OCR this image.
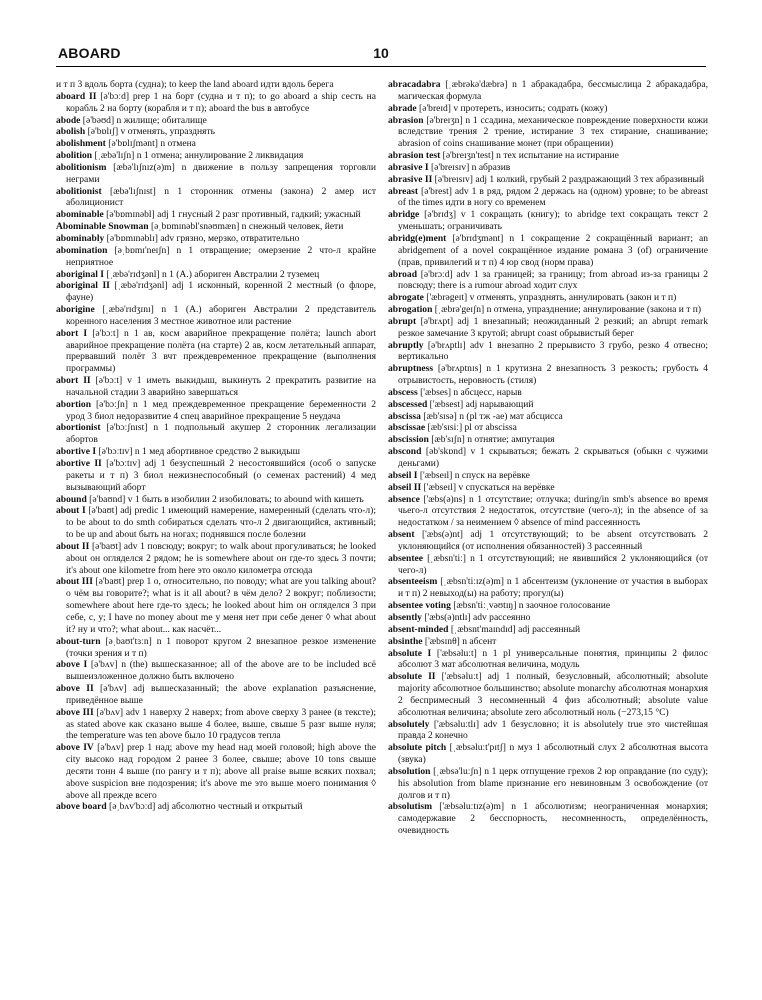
ABOARD	10

и т п 3 вдоль борта (судна); to keep the land aboard идти вдоль берега

aboard II [ə'bɔːd] prep 1 на борт (судна и т п); to go aboard a ship сесть на корабль 2 на борту (корабля и т п); aboard the bus в автобусе

abode [ə'bəʊd] n жилище; обиталище

abolish [ə'bɒlɪʃ] v отменять, упразднять

abolishment [ə'bɒlɪʃmənt] n отмена

abolition [ˌæbə'lɪʃn] n 1 отмена; аннулирование 2 ликвидация

abolitionism [æbə'lɪʃnɪz(ə)m] n движение в пользу запрещения торговли неграми

abolitionist [æbə'lɪʃnɪst] n 1 сторонник отмены (закона) 2 амер ист аболиционист

abominable [ə'bɒmɪnəbl] adj 1 гнусный 2 разг противный, гадкий; ужасный

Abominable Snowman [əˌbɒmɪnəbl'snəʊmæn] n снежный человек, йети

abominably [ə'bɒmɪnəblɪ] adv грязно, мерзко, отвратительно

abomination [əˌbɒmɪ'neɪʃn] n 1 отвращение; омерзение 2 что-л крайне неприятное

aboriginal I [ˌæbə'rɪdʒənl] n 1 (A.) абориген Австралии 2 туземец

aboriginal II [ˌæbə'rɪdʒənl] adj 1 исконный, коренной 2 местный (о флоре, фауне)

aborigine [ˌæbə'rɪdʒɪnɪ] n 1 (A.) абориген Австралии 2 представитель коренного населения 3 местное животное или растение

abort I [ə'bɔːt] n 1 ав, косм аварийное прекращение полёта; launch abort аварийное прекращение полёта (на старте) 2 ав, косм летательный аппарат, прервавший полёт 3 вчт преждевременное прекращение (выполнения программы)

abort II [ə'bɔːt] v 1 иметь выкидыш, выкинуть 2 прекратить развитие на начальной стадии 3 аварийно завершаться

abortion [ə'bɔːʃn] n 1 мед преждевременное прекращение беременности 2 урод 3 биол недоразвитие 4 спец аварийное прекращение 5 неудача

abortionist [ə'bɔːʃnɪst] n 1 подпольный акушер 2 сторонник легализации абортов

abortive I [ə'bɔːtɪv] n 1 мед абортивное средство 2 выкидыш

abortive II [ə'bɔːtɪv] adj 1 безуспешный 2 несостоявшийся (особ о запуске ракеты и т п) 3 биол нежизнеспособный (о семенах растений) 4 мед вызывающий аборт

abound [ə'baʊnd] v 1 быть в изобилии 2 изобиловать; to abound with кишеть

about I [ə'baʊt] adj predic 1 имеющий намерение, намеренный (сделать что-л); to be about to do smth собираться сделать что-л 2 двигающийся, активный; to be up and about быть на ногах; поднявшся после болезни

about II [ə'baʊt] adv 1 повсюду; вокруг; to walk about прогуливаться; he looked about он огляделся 2 рядом; he is somewhere about он где-то здесь 3 почти; it's about one kilometre from here это около километра отсюда

about III [ə'baʊt] prep 1 о, относительно, по поводу; what are you talking about? о чём вы говорите?; what is it all about? в чём дело? 2 вокруг; поблизости; somewhere about here где-то здесь; he looked about him он огляделся 3 при себе, с, у; I have no money about me у меня нет при себе денег ◊ what about it? ну и что?; what about... как насчёт...

about-turn [əˌbaʊt'tɜːn] n 1 поворот кругом 2 внезапное резкое изменение (точки зрения и т п)

above I [ə'bʌv] n (the) вышесказанное; all of the above are to be included всё вышеизложенное должно быть включено

above II [ə'bʌv] adj вышесказанный; the above explanation разъяснение, приведённое выше

above III [ə'bʌv] adv 1 наверху 2 наверх; from above сверху 3 ранее (в тексте); as stated above как сказано выше 4 более, выше, свыше 5 разг выше нуля; the temperature was ten above было 10 градусов тепла

above IV [ə'bʌv] prep 1 над; above my head над моей головой; high above the city высоко над городом 2 ранее 3 более, свыше; above 10 tons свыше десяти тонн 4 выше (по рангу и т п); above all praise выше всяких похвал; above suspicion вне подозрения; it's above me это выше моего понимания ◊ above all прежде всего

above board [əˌbʌv'bɔːd] adj абсолютно честный и открытый

abracadabra [ˌæbrəkə'dæbrə] n 1 абракадабра, бессмыслица 2 абракадабра, магическая формула

abrade [ə'breɪd] v протереть, износить; содрать (кожу)

abrasion [ə'breɪʒn] n 1 ссадина, механическое повреждение поверхности кожи вследствие трения 2 трение, истирание 3 тех стирание, снашивание; abrasion of coins снашивание монет (при обращении)

abrasion test [ə'breɪʒn'test] n тех испытание на истирание

abrasive I [ə'breɪsɪv] n абразив

abrasive II [ə'breɪsɪv] adj 1 колкий, грубый 2 раздражающий 3 тех абразивный

abreast [ə'brest] adv 1 в ряд, рядом 2 держась на (одном) уровне; to be abreast of the times идти в ногу со временем

abridge [ə'brɪdʒ] v 1 сокращать (книгу); to abridge text сокращать текст 2 уменьшать; ограничивать

abridg(e)ment [ə'brɪdʒmənt] n 1 сокращение 2 сокращённый вариант; an abridgement of a novel сокращённое издание романа 3 (of) ограничение (прав, привилегий и т п) 4 юр свод (норм права)

abroad [ə'brɔːd] adv 1 за границей; за границу; from abroad из-за границы 2 повсюду; there is a rumour abroad ходит слух

abrogate ['æbrəgeɪt] v отменять, упразднять, аннулировать (закон и т п)

abrogation [ˌæbrə'geɪʃn] n отмена, упразднение; аннулирование (закона и т п)

abrupt [ə'brʌpt] adj 1 внезапный; неожиданный 2 резкий; an abrupt remark резкое замечание 3 крутой; abrupt coast обрывистый берег

abruptly [ə'brʌptlɪ] adv 1 внезапно 2 прерывисто 3 грубо, резко 4 отвесно; вертикально

abruptness [ə'brʌptnɪs] n 1 крутизна 2 внезапность 3 резкость; грубость 4 отрывистость, неровность (стиля)

abscess ['æbses] n абсцесс, нарыв

abscessed ['æbsest] adj нарывающий

abscissa [æb'sɪsə] n (pl тж -ae) мат абсцисса

abscissae [æb'sɪsiː] pl от abscissa

abscission [æb'sɪʃn] n отнятие; ампутация

abscond [əb'skɒnd] v 1 скрываться; бежать 2 скрываться (обыкн с чужими деньгами)

abseil I ['æbseɪl] n спуск на верёвке

abseil II ['æbseɪl] v спускаться на верёвке

absence ['æbs(ə)ns] n 1 отсутствие; отлучка; during/in smb's absence во время чьего-л отсутствия 2 недостаток, отсутствие (чего-л); in the absence of за недостатком / за неимением ◊ absence of mind рассеянность

absent ['æbs(ə)nt] adj 1 отсутствующий; to be absent отсутствовать 2 уклоняющийся (от исполнения обязанностей) 3 рассеянный

absentee [ˌæbsn'tiː] n 1 отсутствующий; не явившийся 2 уклоняющийся (от чего-л)

absenteeism [ˌæbsn'tiːɪz(ə)m] n 1 абсентеизм (уклонение от участия в выборах и т п) 2 невыход(ы) на работу; прогул(ы)

absentee voting [æbsn'tiːˌvəʊtɪŋ] n заочное голосование

absently ['æbs(ə)ntlɪ] adv рассеянно

absent-minded [ˌæbsnt'maɪndɪd] adj рассеянный

absinthe ['æbsɪnθ] n абсент

absolute I ['æbsəluːt] n 1 pl универсальные понятия, принципы 2 филос абсолют 3 мат абсолютная величина, модуль

absolute II ['æbsəluːt] adj 1 полный, безусловный, абсолютный; absolute majority абсолютное большинство; absolute monarchy абсолютная монархия 2 беспримесный 3 несомненный 4 физ абсолютный; absolute value абсолютная величина; absolute zero абсолютный ноль (−273,15 °C)

absolutely ['æbsəluːtlɪ] adv 1 безусловно; it is absolutely true это чистейшая правда 2 конечно

absolute pitch [ˌæbsəluːt'pɪtʃ] n муз 1 абсолютный слух 2 абсолютная высота (звука)

absolution [ˌæbsə'luːʃn] n 1 церк отпущение грехов 2 юр оправдание (по суду); his absolution from blame признание его невиновным 3 освобождение (от долгов и т п)

absolutism ['æbsəluːtɪz(ə)m] n 1 абсолютизм; неограниченная монархия; самодержавие 2 бесспорность, несомненность, определённость, очевидность
